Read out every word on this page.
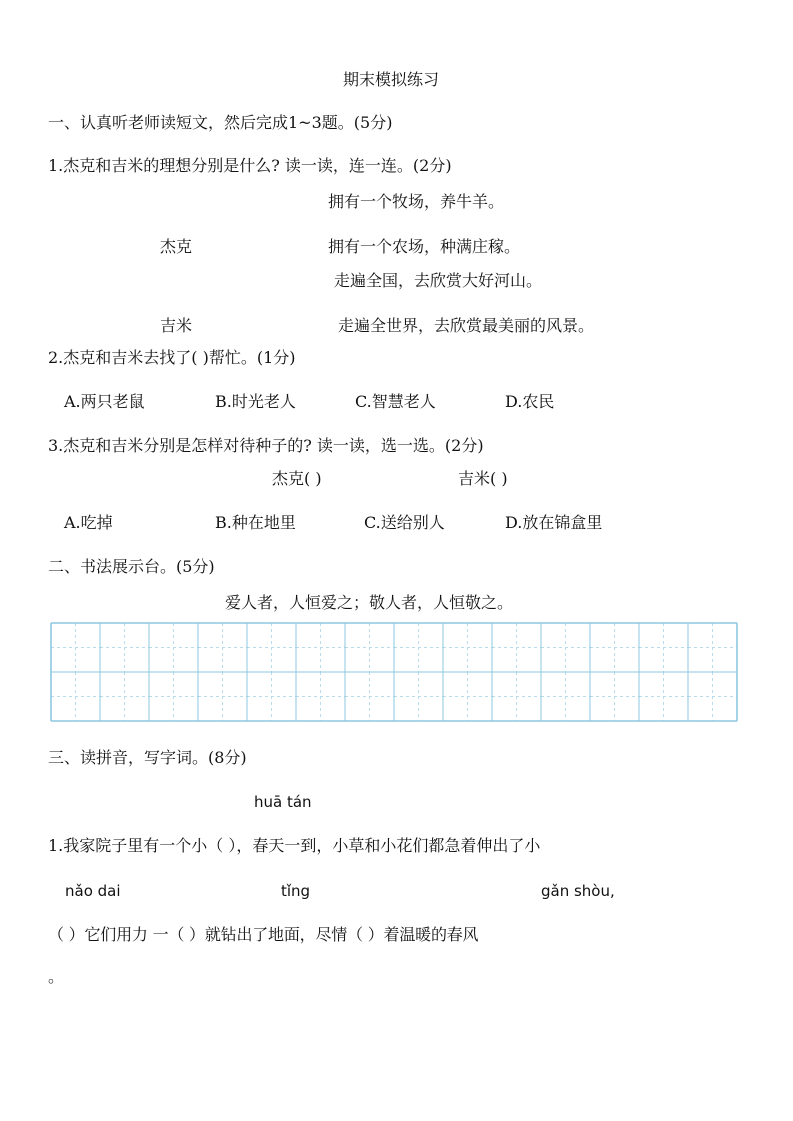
期末模拟练习
一、认真听老师读短文，然后完成1~3题。(5分)
1.杰克和吉米的理想分别是什么? 读一读，连一连。(2分)
拥有一个牧场，养牛羊。
杰克	拥有一个农场，种满庄稼。
走遍全国，去欣赏大好河山。
吉米	走遍全世界，去欣赏最美丽的风景。
2.杰克和吉米去找了( )帮忙。(1分)
A.两只老鼠	B.时光老人	C.智慧老人	D.农民
3.杰克和吉米分别是怎样对待种子的? 读一读，选一选。(2分)
杰克( )	吉米( )
A.吃掉	B.种在地里	C.送给别人	D.放在锦盒里
二、书法展示台。(5分)
爱人者，人恒爱之；敬人者，人恒敬之。
三、读拼音，写字词。(8分)
huā tán
1.我家院子里有一个小（ ），春天一到，小草和小花们都急着伸出了小
nǎo dai	tǐng	gǎn shòu,
（ ）它们用力 一（ ）就钻出了地面，尽情（ ）着温暖的春风
。
